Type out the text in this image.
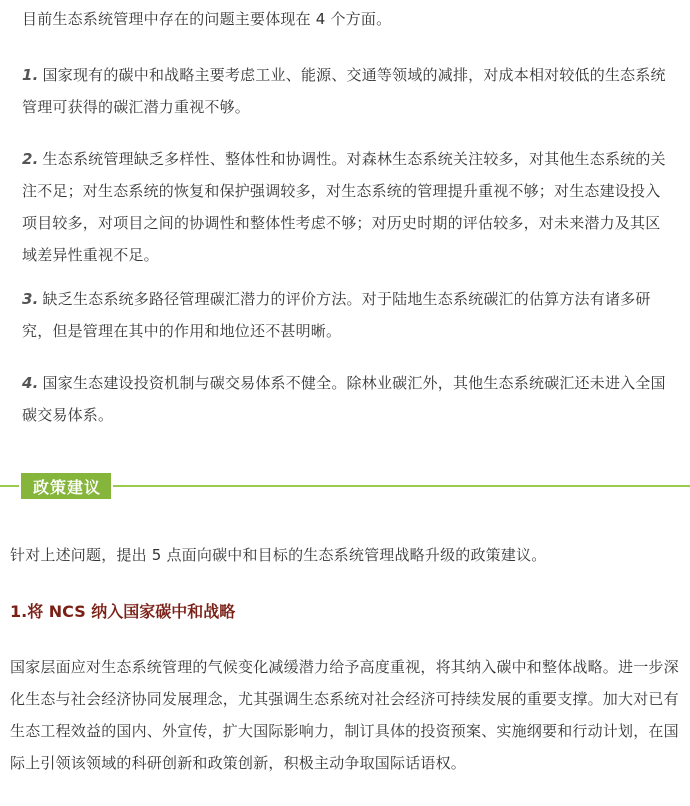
目前生态系统管理中存在的问题主要体现在 4 个方面。

1. 国家现有的碳中和战略主要考虑工业、能源、交通等领域的减排，对成本相对较低的生态系统管理可获得的碳汇潜力重视不够。

2. 生态系统管理缺乏多样性、整体性和协调性。对森林生态系统关注较多，对其他生态系统的关注不足；对生态系统的恢复和保护强调较多，对生态系统的管理提升重视不够；对生态建设投入项目较多，对项目之间的协调性和整体性考虑不够；对历史时期的评估较多，对未来潜力及其区域差异性重视不足。

3. 缺乏生态系统多路径管理碳汇潜力的评价方法。对于陆地生态系统碳汇的估算方法有诸多研究，但是管理在其中的作用和地位还不甚明晰。

4. 国家生态建设投资机制与碳交易体系不健全。除林业碳汇外，其他生态系统碳汇还未进入全国碳交易体系。

政策建议

针对上述问题，提出 5 点面向碳中和目标的生态系统管理战略升级的政策建议。

1.将 NCS 纳入国家碳中和战略

国家层面应对生态系统管理的气候变化减缓潜力给予高度重视，将其纳入碳中和整体战略。进一步深化生态与社会经济协同发展理念，尤其强调生态系统对社会经济可持续发展的重要支撑。加大对已有生态工程效益的国内、外宣传，扩大国际影响力，制订具体的投资预案、实施纲要和行动计划，在国际上引领该领域的科研创新和政策创新，积极主动争取国际话语权。
